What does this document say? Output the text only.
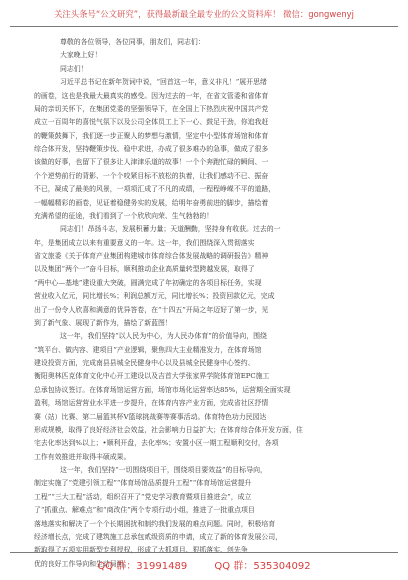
关注头条号“公文研究”，获得最新最全最专业的公文资料库！ 微信：gongwenyj
尊敬的各位领导，各位同事，朋友们，同志们：
大家晚上好！
同志们！
习近平总书记在新年贺词中说，“回首这一年，意义非凡！”展开思绪
的画卷，这也是我最大最真实的感受。因为过去的一年，在省文管委和省体育
局的亲切关怀下，在集团党委的坚强领导下，在全国上下热烈庆祝中国共产党
成立一百周年的喜悦气氛下以及公司全体员工上下一心、鼓足干劲，你追我赶
的鞭策鼓舞下，我们逐一步正聚人的梦想与激情，坚定中小型体育场馆和体育
综合体开发，坚持鞭策步伐、稳中求进，办成了很多难办的急事，做成了很多
该做的好事，也留下了很多让人津津乐道的故事！一个个奔跑忙碌的瞬间、一
个个逆势前行的背影、一个个咬紧目标不放松的执着，让我们感动不已、振奋
不已，凝成了最美的风景，一项项汇成了不凡的成绩，一程程峥嵘不平的道路，
一幅幅精彩的画卷，见证着稳健务实的发展，给明年奋勇前进的脚步，描绘着
充满希望的征途，我们看到了一个欣欣向荣、生气勃勃的！
同志们！昂扬斗志，发展积蓄力量；天道酬勤，坚持身有收获。过去的一
年，是集团成立以来有重要意义的一年。这一年，我们围绕深入贯彻落实
省文旅委《关于体育产业集团构建城市体育综合体发展战略的调研报告》精神
以及集团“两个一”奋斗目标，顺利推动企业高质量转型跨越发展，取得了
“两中心—基地”建设重大突破，圆满完成了年初确定的各项目标任务，实现
营业收入亿元，同比增长%；利润总额万元，同比增长%；投资回款亿元，完成
出了一份令人欣喜和满意的优异答卷，在“十四五”开局之年迈好了第一步，见
到了新气象、展现了新作为，描绘了新蓝图！
这一年，我们坚持“以人民为中心，为人民办体育”的价值导向，围绕
“筑平台、做内容、建项目”产业逻辑，聚焦四大主业精准发力，在体育场馆
建设投资方面，完成南县县城全民健身中心以及县城全民健身中心签约、
衡阳奥林匹克体育文化中心开工建设以及吉首大学张家界学院体育馆EPC施工
总承包协议签订。在体育场馆运营方面，场馆市场化运营率达85%，运营期全面实现
盈利，场馆运营营业水平进一步提升，在体育内容产业方面，完成省社区抒情
赛（站）比赛、第二届篮其杯V篮球挑战赛等赛事活动。体育特色功力民园达
形成规模，取得了良好经济社会效益，社会影响力日益扩大；在体育综合体开发方面，住
宅去化率达到%以上；•顺利开盘，去化率%；安置小区一期工程顺利交付，各项
工作有效推进并取得丰硕成果。
这一年，我们坚持“一切围绕项目干，围绕项目要效益”的目标导向，
制定实施了“党建引领工程”“体育场馆品质提升工程”“体育场馆运营提升
工程”“三大工程”活动，组织召开了“党史学习教育暨项目推进会”，成立
了“抓重点、解难点”和“商改住”两个专项行动小组，推进了一批重点项目
落地落实和解决了一个个长期困扰和制约我们发展的难点问题。同时，积极培育
经济增长点，完成了建筑施工总承包贰级资质的申请，成立了新的体育发展公司，
新取得了五项实用新型专利授权，形成了大抓项目、狠抓落实、创先争
优的良好工作导向和生动局面。
QQ 群：31991489	QQ 群：535304092
